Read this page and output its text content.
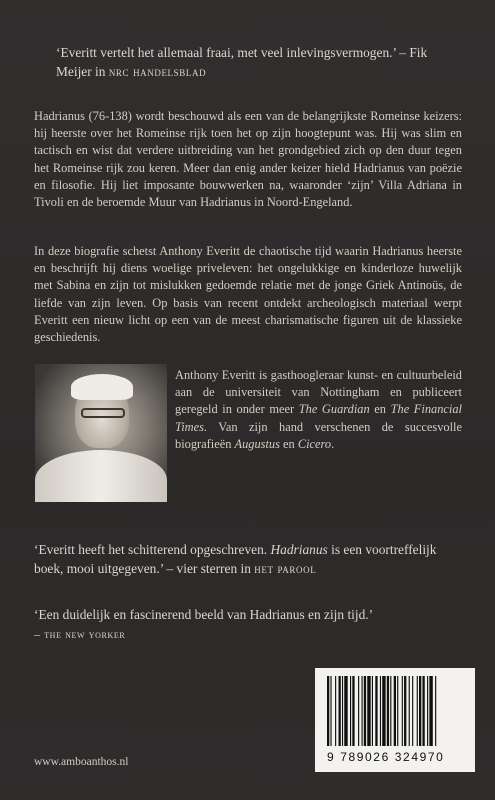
‘Everitt vertelt het allemaal fraai, met veel inlevingsvermogen.’ – Fik Meijer in nrc handelsblad

Hadrianus (76-138) wordt beschouwd als een van de belangrijkste Romeinse keizers: hij heerste over het Romeinse rijk toen het op zijn hoogtepunt was. Hij was slim en tactisch en wist dat verdere uitbreiding van het grondgebied zich op den duur tegen het Romeinse rijk zou keren. Meer dan enig ander keizer hield Hadrianus van poëzie en filosofie. Hij liet imposante bouwwerken na, waaronder ‘zijn’ Villa Adriana in Tivoli en de beroemde Muur van Hadrianus in Noord-Engeland.

In deze biografie schetst Anthony Everitt de chaotische tijd waarin Hadrianus heerste en beschrijft hij diens woelige priveleven: het ongelukkige en kinderloze huwelijk met Sabina en zijn tot mislukken gedoemde relatie met de jonge Griek Antinoüs, de liefde van zijn leven. Op basis van recent ontdekt archeologisch materiaal werpt Everitt een nieuw licht op een van de meest charismatische figuren uit de klassieke geschiedenis.

Anthony Everitt is gasthoogleraar kunst- en cultuurbeleid aan de universiteit van Nottingham en publiceert geregeld in onder meer The Guardian en The Financial Times. Van zijn hand verschenen de succesvolle biografieën Augustus en Cicero.

‘Everitt heeft het schitterend opgeschreven. Hadrianus is een voortreffelijk boek, mooi uitgegeven.’ – vier sterren in het parool

‘Een duidelijk en fascinerend beeld van Hadrianus en zijn tijd.’

– the new yorker

www.amboanthos.nl	9 789026 324970
